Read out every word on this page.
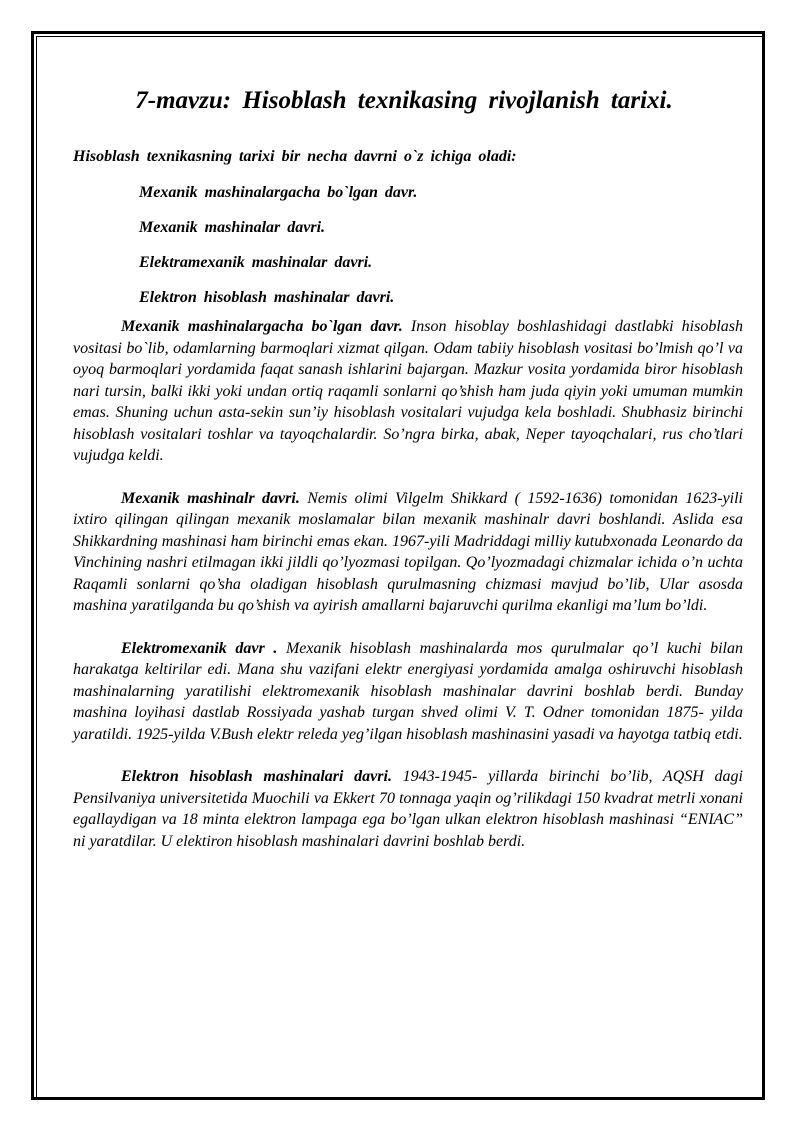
7-mavzu: Hisoblash texnikasing rivojlanish tarixi.

Hisoblash texnikasning tarixi bir necha davrni o`z ichiga oladi:

Mexanik mashinalargacha bo`lgan davr.
Mexanik mashinalar davri.
Elektramexanik mashinalar davri.
Elektron hisoblash mashinalar davri.

Mexanik mashinalargacha bo`lgan davr. Inson hisoblay boshlashidagi dastlabki hisoblash vositasi bo`lib, odamlarning barmoqlari xizmat qilgan. Odam tabiiy hisoblash vositasi bo’lmish qo’l va oyoq barmoqlari yordamida faqat sanash ishlarini bajargan. Mazkur vosita yordamida biror hisoblash nari tursin, balki ikki yoki undan ortiq raqamli sonlarni qo’shish ham juda qiyin yoki umuman mumkin emas. Shuning uchun asta-sekin sun’iy hisoblash vositalari vujudga kela boshladi. Shubhasiz birinchi hisoblash vositalari toshlar va tayoqchalardir. So’ngra birka, abak, Neper tayoqchalari, rus cho’tlari vujudga keldi.

Mexanik mashinalr davri. Nemis olimi Vilgelm Shikkard ( 1592-1636) tomonidan 1623-yili ixtiro qilingan qilingan mexanik moslamalar bilan mexanik mashinalr davri boshlandi. Aslida esa Shikkardning mashinasi ham birinchi emas ekan. 1967-yili Madriddagi milliy kutubxonada Leonardo da Vinchining nashri etilmagan ikki jildli qo’lyozmasi topilgan. Qo’lyozmadagi chizmalar ichida o’n uchta Raqamli sonlarni qo’sha oladigan hisoblash qurulmasning chizmasi mavjud bo’lib, Ular asosda mashina yaratilganda bu qo’shish va ayirish amallarni bajaruvchi qurilma ekanligi ma’lum bo’ldi.

Elektromexanik davr . Mexanik hisoblash mashinalarda mos qurulmalar qo’l kuchi bilan harakatga keltirilar edi. Mana shu vazifani elektr energiyasi yordamida amalga oshiruvchi hisoblash mashinalarning yaratilishi elektromexanik hisoblash mashinalar davrini boshlab berdi. Bunday mashina loyihasi dastlab Rossiyada yashab turgan shved olimi V. T. Odner tomonidan 1875- yilda yaratildi. 1925-yilda V.Bush elektr releda yeg’ilgan hisoblash mashinasini yasadi va hayotga tatbiq etdi.

Elektron hisoblash mashinalari davri. 1943-1945- yillarda birinchi bo’lib, AQSH dagi Pensilvaniya universitetida Muochili va Ekkert 70 tonnaga yaqin og’rilikdagi 150 kvadrat metrli xonani egallaydigan va 18 minta elektron lampaga ega bo’lgan ulkan elektron hisoblash mashinasi “ENIAC” ni yaratdilar. U elektiron hisoblash mashinalari davrini boshlab berdi.
